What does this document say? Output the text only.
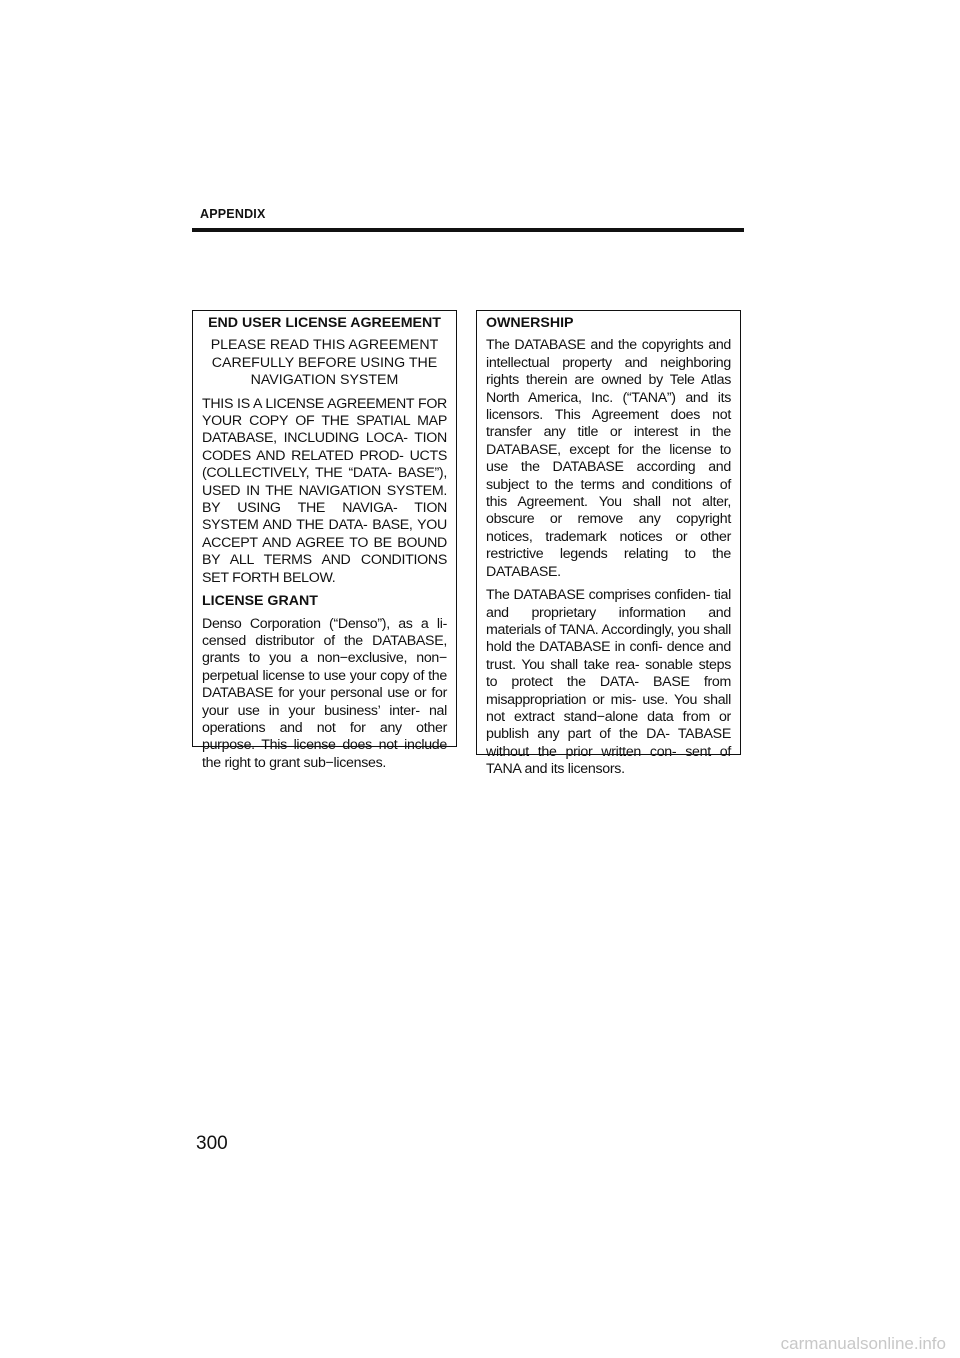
APPENDIX
END USER LICENSE AGREEMENT
PLEASE READ THIS AGREEMENT CAREFULLY BEFORE USING THE NAVIGATION SYSTEM
THIS IS A LICENSE AGREEMENT FOR YOUR COPY OF THE SPATIAL MAP DATABASE, INCLUDING LOCA- TION CODES AND RELATED PROD- UCTS (COLLECTIVELY, THE “DATA- BASE”), USED IN THE NAVIGATION SYSTEM. BY USING THE NAVIGA- TION SYSTEM AND THE DATA- BASE, YOU ACCEPT AND AGREE TO BE BOUND BY ALL TERMS AND CONDITIONS SET FORTH BELOW.
LICENSE GRANT
Denso Corporation (“Denso”), as a li- censed distributor of the DATABASE, grants to you a non−exclusive, non− perpetual license to use your copy of the DATABASE for your personal use or for your use in your business’ inter- nal operations and not for any other purpose. This license does not include the right to grant sub−licenses.
OWNERSHIP
The DATABASE and the copyrights and intellectual property and neighboring rights therein are owned by Tele Atlas North America, Inc. (“TANA”) and its licensors. This Agreement does not transfer any title or interest in the DATABASE, except for the license to use the DATABASE according and subject to the terms and conditions of this Agreement. You shall not alter, obscure or remove any copyright notices, trademark notices or other restrictive legends relating to the DATABASE.
The DATABASE comprises confiden- tial and proprietary information and materials of TANA. Accordingly, you shall hold the DATABASE in confi- dence and trust. You shall take rea- sonable steps to protect the DATA- BASE from misappropriation or mis- use. You shall not extract stand−alone data from or publish any part of the DA- TABASE without the prior written con- sent of TANA and its licensors.
300
carmanualsonline.info
